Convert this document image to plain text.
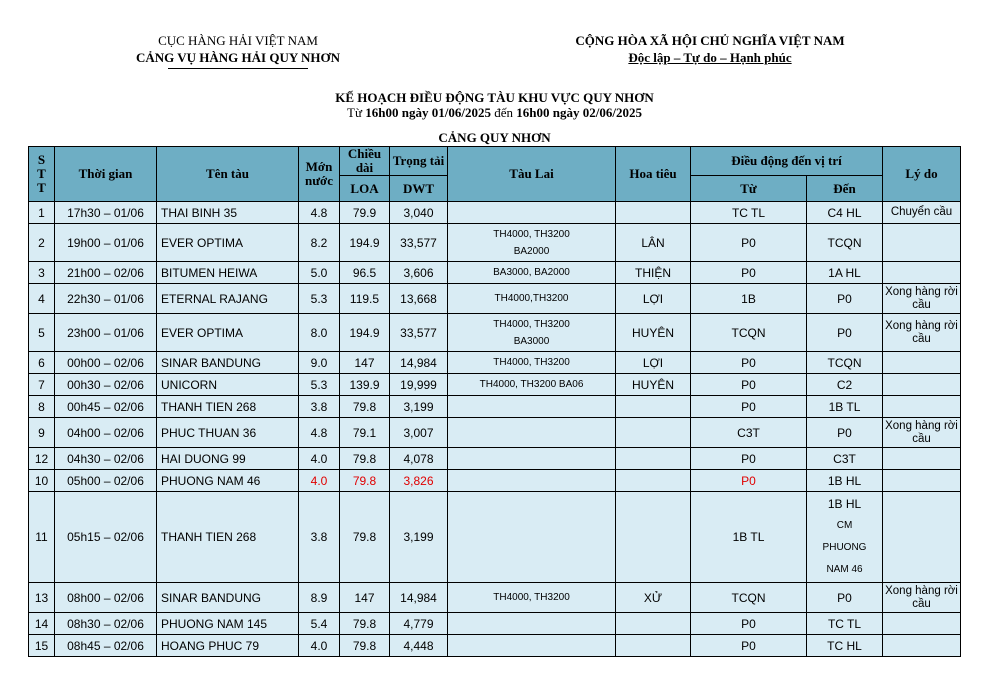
CỤC HÀNG HẢI VIỆT NAM
CẢNG VỤ HÀNG HẢI QUY NHƠN
CỘNG HÒA XÃ HỘI CHỦ NGHĨA VIỆT NAM
Độc lập – Tự do – Hạnh phúc
KẾ HOẠCH ĐIỀU ĐỘNG TÀU KHU VỰC QUY NHƠN
Từ 16h00 ngày 01/06/2025 đến 16h00 ngày 02/06/2025
CẢNG QUY NHƠN
S
T
T	Thời gian	Tên tàu	Mớn
nước	Chiều
dài	Trọng tải	Tàu Lai	Hoa tiêu	Điều động đến vị trí		Lý do
				LOA	DWT			Từ	Đến	
1	17h30 – 01/06	THAI BINH 35	4.8	79.9	3,040			TC TL	C4 HL	Chuyển cầu
2	19h00 – 01/06	EVER OPTIMA	8.2	194.9	33,577	TH4000, TH3200
BA2000	LÂN	P0	TCQN	

3	21h00 – 02/06	BITUMEN HEIWA	5.0	96.5	3,606	BA3000, BA2000	THIỆN	P0	1A HL	

4	22h30 – 01/06	ETERNAL RAJANG	5.3	119.5	13,668	TH4000,TH3200	LỢI	1B	P0	Xong hàng rời cầu
5	23h00 – 01/06	EVER OPTIMA	8.0	194.9	33,577	TH4000, TH3200
BA3000	HUYÊN	TCQN	P0	Xong hàng rời cầu
6	00h00 – 02/06	SINAR BANDUNG	9.0	147	14,984	TH4000, TH3200	LỢI	P0	TCQN	

7	00h30 – 02/06	UNICORN	5.3	139.9	19,999	TH4000, TH3200 BA06	HUYÊN	P0	C2	

8	00h45 – 02/06	THANH TIEN 268	3.8	79.8	3,199			P0	1B TL	

9	04h00 – 02/06	PHUC THUAN 36	4.8	79.1	3,007			C3T	P0	Xong hàng rời cầu
12	04h30 – 02/06	HAI DUONG 99	4.0	79.8	4,078			P0	C3T	

10	05h00 – 02/06	PHUONG NAM 46	4.0	79.8	3,826			P0	1B HL	

11	05h15 – 02/06	THANH TIEN 268	3.8	79.8	3,199			1B TL	1B HL
CM
PHUONG
NAM 46	

13	08h00 – 02/06	SINAR BANDUNG	8.9	147	14,984	TH4000, TH3200	XỬ	TCQN	P0	Xong hàng rời cầu
14	08h30 – 02/06	PHUONG NAM 145	5.4	79.8	4,779			P0	TC TL	

15	08h45 – 02/06	HOANG PHUC 79	4.0	79.8	4,448			P0	TC HL	
